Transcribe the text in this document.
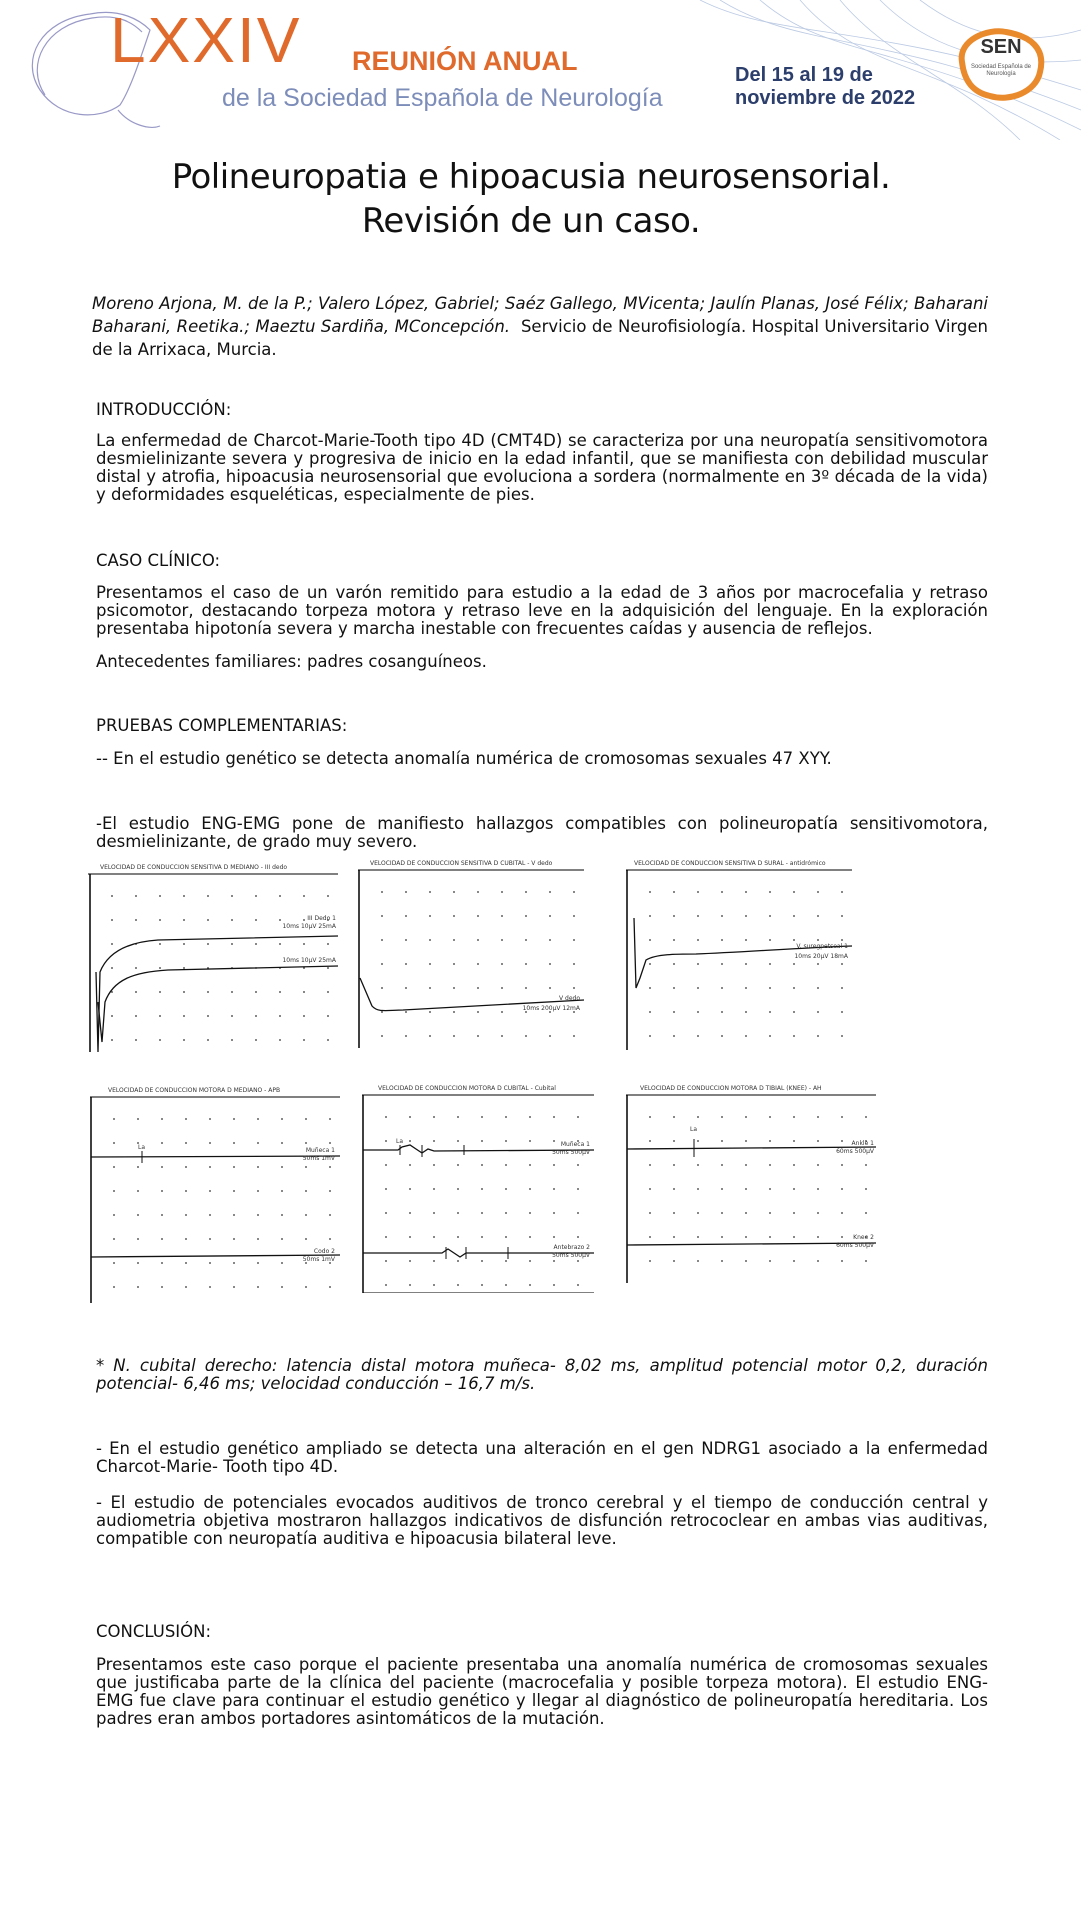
LXXIV REUNIÓN ANUAL
de la Sociedad Española de Neurología
Del 15 al 19 de
noviembre de 2022
SEN
Sociedad Española de Neurología
Polineuropatia e hipoacusia neurosensorial.
Revisión de un caso.
Moreno Arjona, M. de la P.; Valero López, Gabriel; Saéz Gallego, MVicenta; Jaulín Planas, José Félix; Baharani Baharani, Reetika.; Maeztu Sardiña, MConcepción. Servicio de Neurofisiología. Hospital Universitario Virgen de la Arrixaca, Murcia.
INTRODUCCIÓN:
La enfermedad de Charcot-Marie-Tooth tipo 4D (CMT4D) se caracteriza por una neuropatía sensitivomotora desmielinizante severa y progresiva de inicio en la edad infantil, que se manifiesta con debilidad muscular distal y atrofia, hipoacusia neurosensorial que evoluciona a sordera (normalmente en 3º década de la vida) y deformidades esqueléticas, especialmente de pies.
CASO CLÍNICO:
Presentamos el caso de un varón remitido para estudio a la edad de 3 años por macrocefalia y retraso psicomotor, destacando torpeza motora y retraso leve en la adquisición del lenguaje. En la exploración presentaba hipotonía severa y marcha inestable con frecuentes caídas y ausencia de reflejos.
Antecedentes familiares: padres cosanguíneos.
PRUEBAS COMPLEMENTARIAS:
-- En el estudio genético se detecta anomalía numérica de cromosomas sexuales 47 XYY.
-El estudio ENG-EMG pone de manifiesto hallazgos compatibles con polineuropatía sensitivomotora, desmielinizante, de grado muy severo.
VELOCIDAD DE CONDUCCION SENSITIVA D MEDIANO - III dedo
III Dedo 1
10ms 10µV 25mA
10ms 10µV 25mA
VELOCIDAD DE CONDUCCION SENSITIVA D CUBITAL - V dedo
V dedo
10ms 200µV 12mA
VELOCIDAD DE CONDUCCION SENSITIVA D SURAL - antidrómico
V. suregpetseal 1
10ms 20µV 18mA
VELOCIDAD DE CONDUCCION MOTORA D MEDIANO - APB
La	Muñeca 1
50ms 1mV
Codo 2
50ms 1mV
VELOCIDAD DE CONDUCCION MOTORA D CUBITAL - Cubital
La	Muñeca 1
50ms 500µV
Antebrazo 2
50ms 500µV
VELOCIDAD DE CONDUCCION MOTORA D TIBIAL (KNEE) - AH
La
Ankle 1
60ms 500µV
Knee 2
60ms 500µV
* N. cubital derecho: latencia distal motora muñeca- 8,02 ms, amplitud potencial motor 0,2, duración potencial- 6,46 ms; velocidad conducción – 16,7 m/s.
- En el estudio genético ampliado se detecta una alteración en el gen NDRG1 asociado a la enfermedad Charcot-Marie- Tooth tipo 4D.
- El estudio de potenciales evocados auditivos de tronco cerebral y el tiempo de conducción central y audiometria objetiva mostraron hallazgos indicativos de disfunción retrococlear en ambas vias auditivas, compatible con neuropatía auditiva e hipoacusia bilateral leve.
CONCLUSIÓN:
Presentamos este caso porque el paciente presentaba una anomalía numérica de cromosomas sexuales que justificaba parte de la clínica del paciente (macrocefalia y posible torpeza motora). El estudio ENG-EMG fue clave para continuar el estudio genético y llegar al diagnóstico de polineuropatía hereditaria. Los padres eran ambos portadores asintomáticos de la mutación.
